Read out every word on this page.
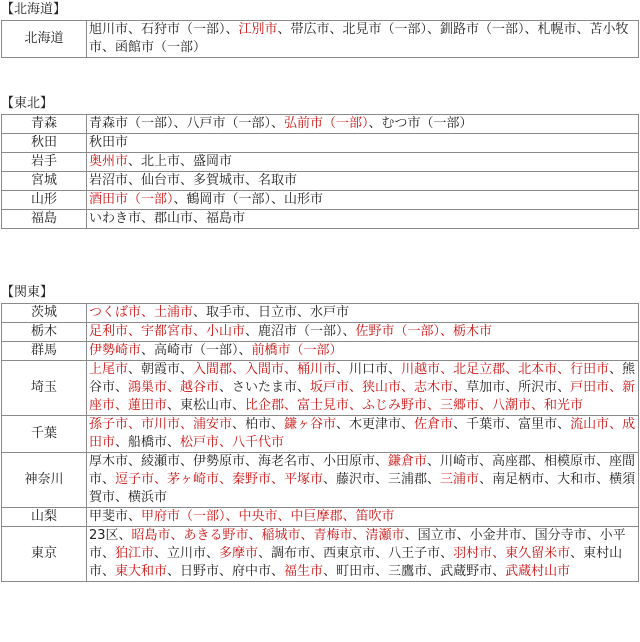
【北海道】
北海道	旭川市、石狩市（一部）、江別市、帯広市、北見市（一部）、釧路市（一部）、札幌市、苫小牧市、函館市（一部）
【東北】
青森	青森市（一部）、八戸市（一部）、弘前市（一部）、むつ市（一部）
秋田	秋田市
岩手	奥州市、北上市、盛岡市
宮城	岩沼市、仙台市、多賀城市、名取市
山形	酒田市（一部）、鶴岡市（一部）、山形市
福島	いわき市、郡山市、福島市
【関東】
茨城	つくば市、土浦市、取手市、日立市、水戸市
栃木	足利市、宇都宮市、小山市、鹿沼市（一部）、佐野市（一部）、栃木市
群馬	伊勢崎市、高崎市（一部）、前橋市（一部）
埼玉	上尾市、朝霞市、入間郡、入間市、桶川市、川口市、川越市、北足立郡、北本市、行田市、熊谷市、鴻巣市、越谷市、さいたま市、坂戸市、狭山市、志木市、草加市、所沢市、戸田市、新座市、蓮田市、東松山市、比企郡、富士見市、ふじみ野市、三郷市、八潮市、和光市
千葉	孫子市、市川市、浦安市、柏市、鎌ヶ谷市、木更津市、佐倉市、千葉市、富里市、流山市、成田市、船橋市、松戸市、八千代市
神奈川	厚木市、綾瀬市、伊勢原市、海老名市、小田原市、鎌倉市、川崎市、高座郡、相模原市、座間市、逗子市、茅ヶ崎市、秦野市、平塚市、藤沢市、三浦郡、三浦市、南足柄市、大和市、横須賀市、横浜市
山梨	甲斐市、甲府市（一部）、中央市、中巨摩郡、笛吹市
東京	23区、昭島市、あきる野市、稲城市、青梅市、清瀬市、国立市、小金井市、国分寺市、小平市、狛江市、立川市、多摩市、調布市、西東京市、八王子市、羽村市、東久留米市、東村山市、東大和市、日野市、府中市、福生市、町田市、三鷹市、武蔵野市、武蔵村山市
